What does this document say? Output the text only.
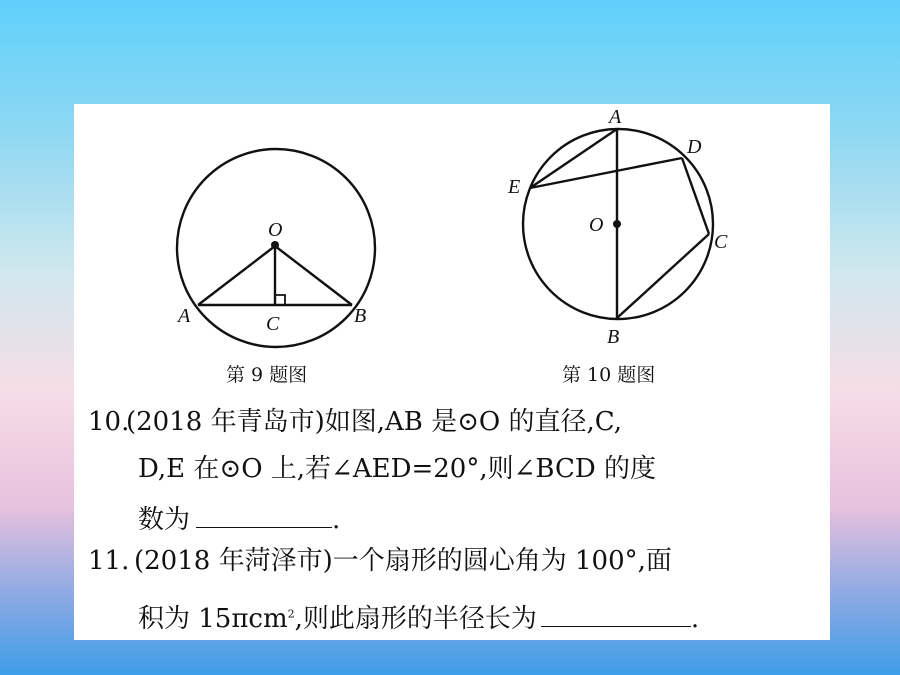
O
A	C	B
A
D
E
O
C
B
第 9 题图	第 10 题图
10.
(2018 年青岛市)如图,AB 是⊙O 的直径,C,
D,E 在⊙O 上,若∠AED=20°,则∠BCD 的度
数为	.
11. (2018 年菏泽市)一个扇形的圆心角为 100°,面
积为 15πcm$^2$,则此扇形的半径长为	.
